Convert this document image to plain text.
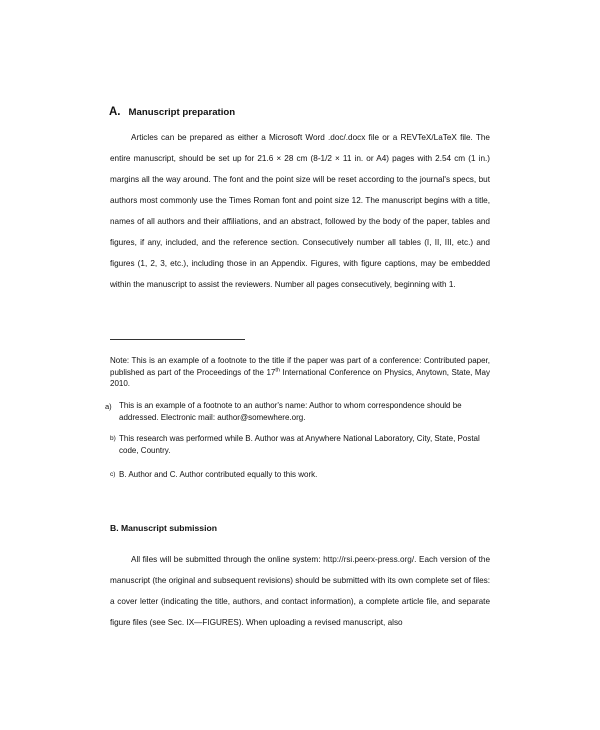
A. Manuscript preparation

Articles can be prepared as either a Microsoft Word .doc/.docx file or a REVTeX/LaTeX file. The entire manuscript, should be set up for 21.6 × 28 cm (8-1/2 × 11 in. or A4) pages with 2.54 cm (1 in.) margins all the way around. The font and the point size will be reset according to the journal's specs, but authors most commonly use the Times Roman font and point size 12. The manuscript begins with a title, names of all authors and their affiliations, and an abstract, followed by the body of the paper, tables and figures, if any, included, and the reference section. Consecutively number all tables (I, II, III, etc.) and figures (1, 2, 3, etc.), including those in an Appendix. Figures, with figure captions, may be embedded within the manuscript to assist the reviewers. Number all pages consecutively, beginning with 1.

Note: This is an example of a footnote to the title if the paper was part of a conference: Contributed paper, published as part of the Proceedings of the 17th International Conference on Physics, Anytown, State, May 2010.

a) This is an example of a footnote to an author's name: Author to whom correspondence should be addressed. Electronic mail: author@somewhere.org.
b) This research was performed while B. Author was at Anywhere National Laboratory, City, State, Postal code, Country.
c) B. Author and C. Author contributed equally to this work.
B. Manuscript submission

All files will be submitted through the online system: http://rsi.peerx-press.org/. Each version of the manuscript (the original and subsequent revisions) should be submitted with its own complete set of files: a cover letter (indicating the title, authors, and contact information), a complete article file, and separate figure files (see Sec. IX—FIGURES). When uploading a revised manuscript, also
